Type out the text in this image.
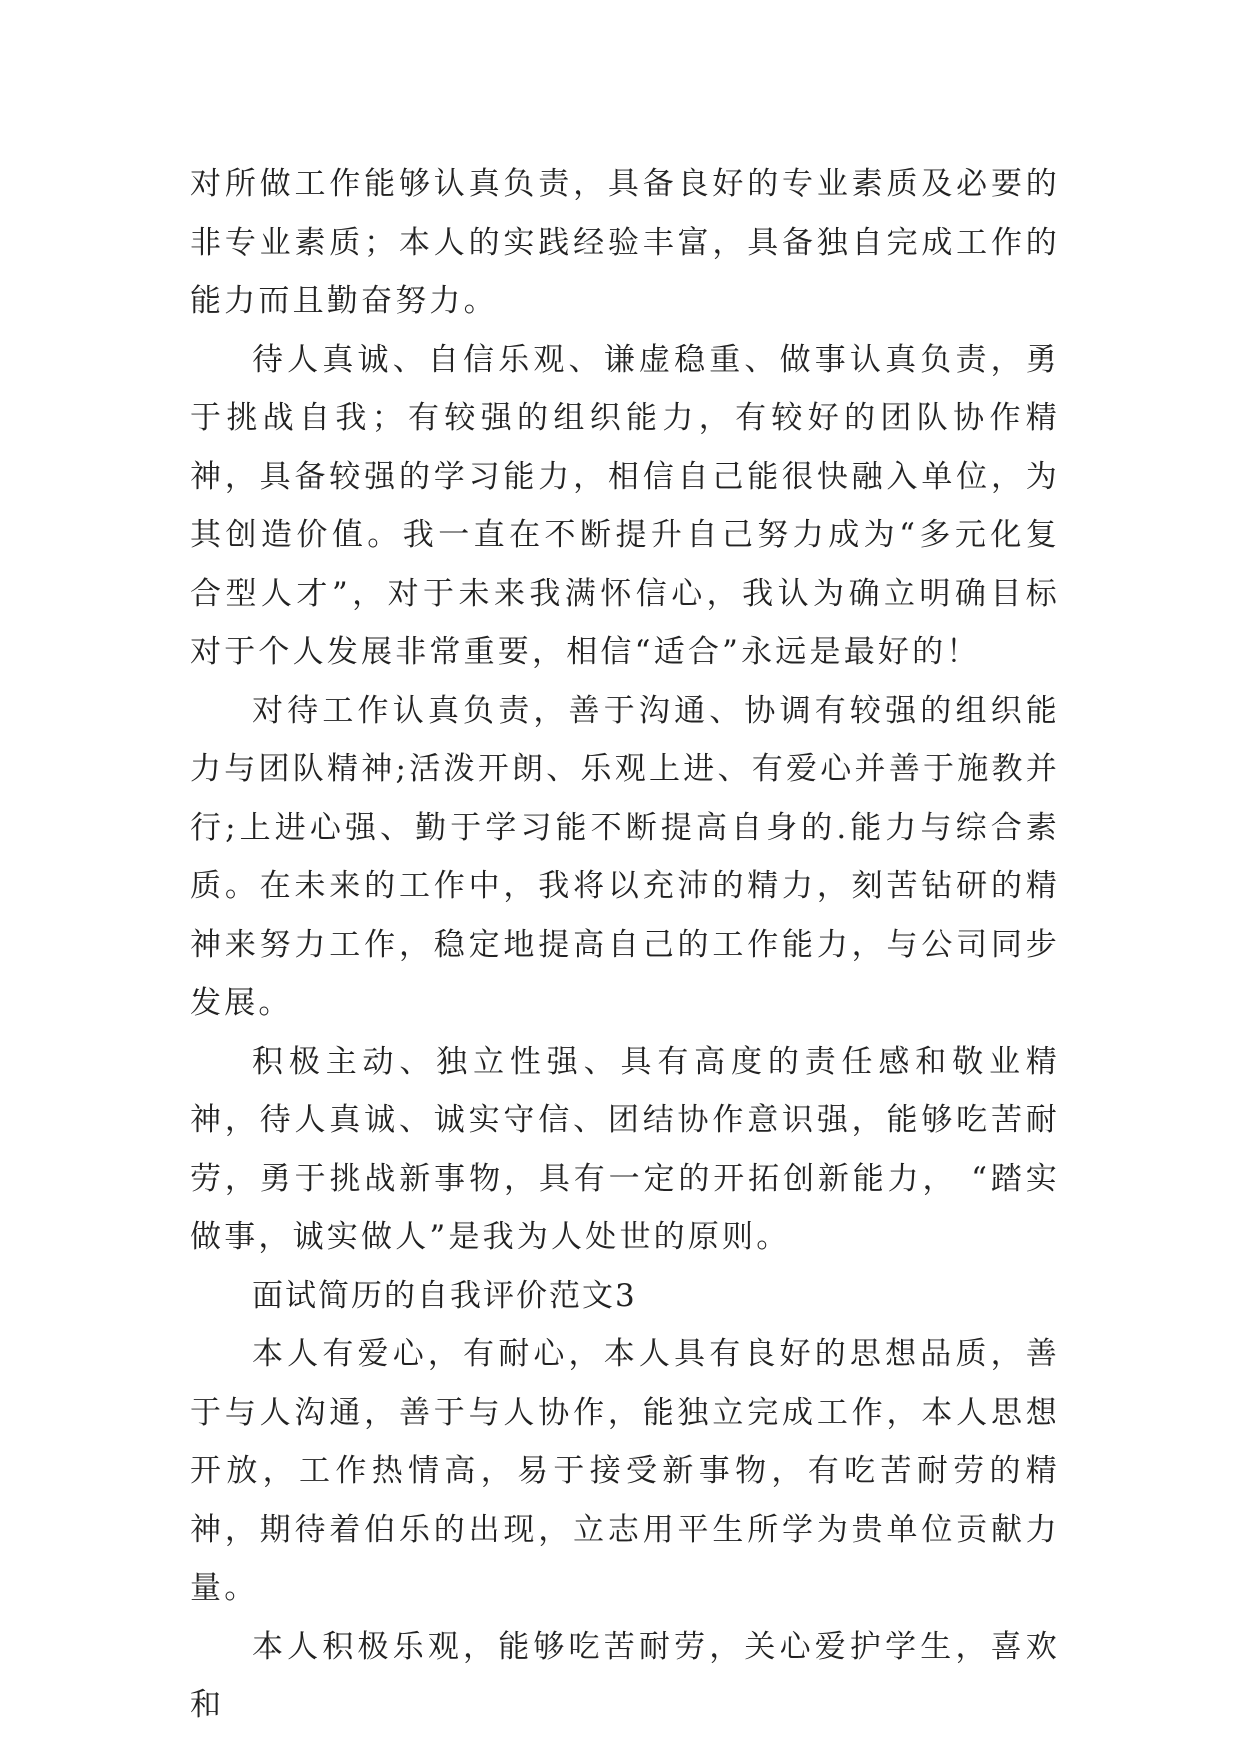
对所做工作能够认真负责，具备良好的专业素质及必要的非专业素质；本人的实践经验丰富，具备独自完成工作的能力而且勤奋努力。

待人真诚、自信乐观、谦虚稳重、做事认真负责，勇于挑战自我；有较强的组织能力，有较好的团队协作精神，具备较强的学习能力，相信自己能很快融入单位，为其创造价值。我一直在不断提升自己努力成为“多元化复合型人才”，对于未来我满怀信心，我认为确立明确目标对于个人发展非常重要，相信“适合”永远是最好的！

对待工作认真负责，善于沟通、协调有较强的组织能力与团队精神;活泼开朗、乐观上进、有爱心并善于施教并行;上进心强、勤于学习能不断提高自身的.能力与综合素质。在未来的工作中，我将以充沛的精力，刻苦钻研的精神来努力工作，稳定地提高自己的工作能力，与公司同步发展。

积极主动、独立性强、具有高度的责任感和敬业精神，待人真诚、诚实守信、团结协作意识强，能够吃苦耐劳，勇于挑战新事物，具有一定的开拓创新能力， “踏实做事，诚实做人”是我为人处世的原则。

面试简历的自我评价范文3

本人有爱心，有耐心，本人具有良好的思想品质，善于与人沟通，善于与人协作，能独立完成工作，本人思想开放，工作热情高，易于接受新事物，有吃苦耐劳的精神，期待着伯乐的出现，立志用平生所学为贵单位贡献力量。

本人积极乐观，能够吃苦耐劳，关心爱护学生，喜欢和
